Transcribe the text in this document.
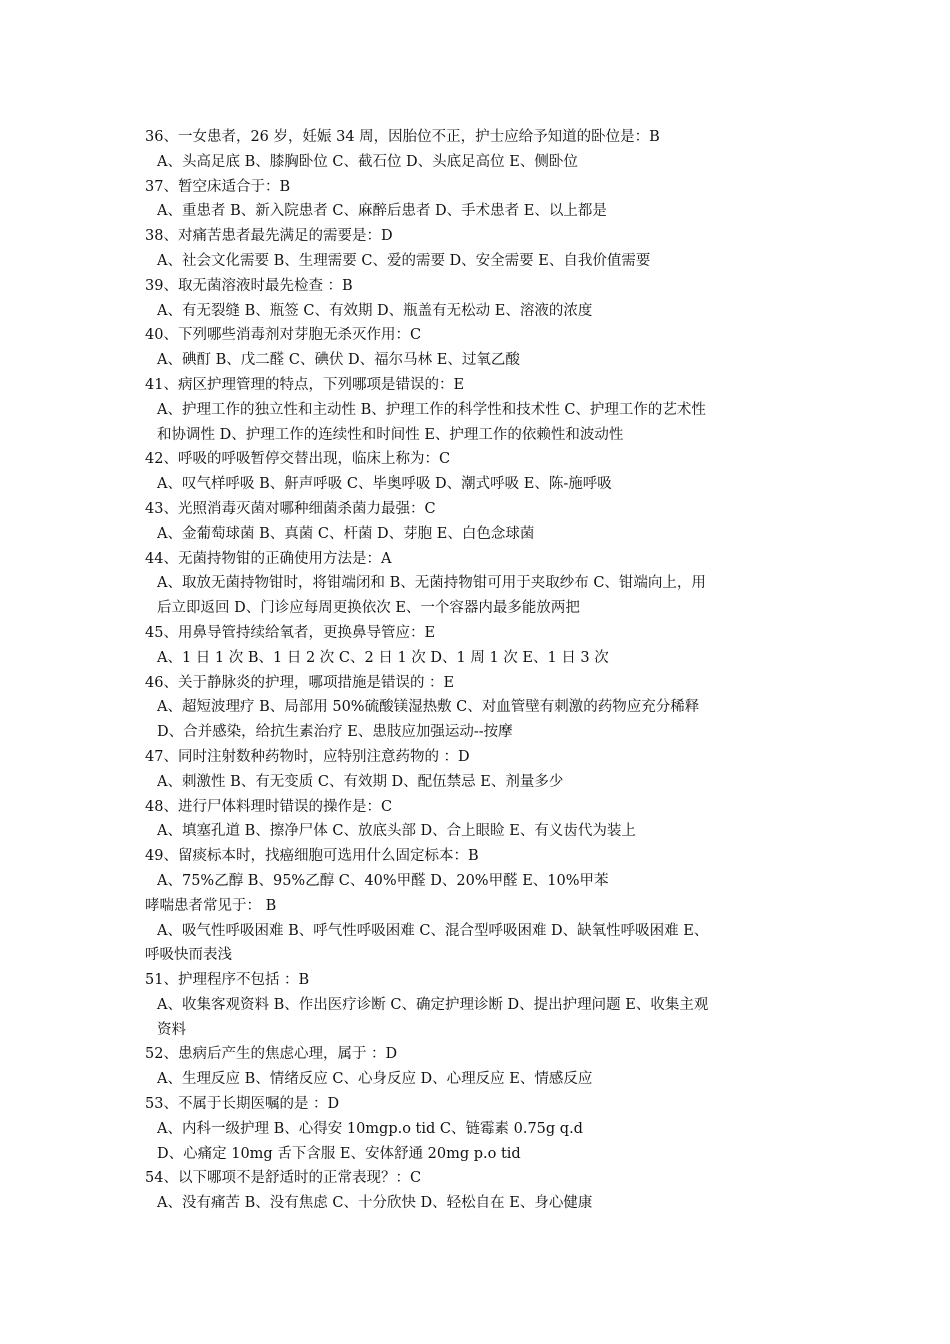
36、一女患者，26 岁，妊娠 34 周，因胎位不正，护士应给予知道的卧位是：B
A、头高足底 B、膝胸卧位 C、截石位 D、头底足高位 E、侧卧位
37、暂空床适合于：B
A、重患者 B、新入院患者 C、麻醉后患者 D、手术患者 E、以上都是
38、对痛苦患者最先满足的需要是：D
A、社会文化需要 B、生理需要 C、爱的需要 D、安全需要 E、自我价值需要
39、取无菌溶液时最先检查 ：B
A、有无裂缝 B、瓶签 C、有效期 D、瓶盖有无松动 E、溶液的浓度
40、下列哪些消毒剂对芽胞无杀灭作用：C
A、碘酊 B、戊二醛 C、碘伏 D、福尔马林 E、过氧乙酸
41、病区护理管理的特点，下列哪项是错误的：E
A、护理工作的独立性和主动性 B、护理工作的科学性和技术性 C、护理工作的艺术性
和协调性 D、护理工作的连续性和时间性 E、护理工作的依赖性和波动性
42、呼吸的呼吸暂停交替出现，临床上称为：C
A、叹气样呼吸 B、鼾声呼吸 C、毕奥呼吸 D、潮式呼吸 E、陈-施呼吸
43、光照消毒灭菌对哪种细菌杀菌力最强：C
A、金葡萄球菌 B、真菌 C、杆菌 D、芽胞 E、白色念球菌
44、无菌持物钳的正确使用方法是：A
A、取放无菌持物钳时，将钳端闭和 B、无菌持物钳可用于夹取纱布 C、钳端向上，用
后立即返回 D、门诊应每周更换依次 E、一个容器内最多能放两把
45、用鼻导管持续给氧者，更换鼻导管应：E
A、1 日 1 次 B、1 日 2 次 C、2 日 1 次 D、1 周 1 次 E、1 日 3 次
46、关于静脉炎的护理，哪项措施是错误的 ：E
A、超短波理疗 B、局部用 50%硫酸镁湿热敷 C、对血管壁有刺激的药物应充分稀释
D、合并感染，给抗生素治疗 E、患肢应加强运动--按摩
47、同时注射数种药物时，应特别注意药物的 ：D
A、刺激性 B、有无变质 C、有效期 D、配伍禁忌 E、剂量多少
48、进行尸体料理时错误的操作是：C
A、填塞孔道 B、擦净尸体 C、放底头部 D、合上眼睑 E、有义齿代为装上
49、留痰标本时，找癌细胞可选用什么固定标本：B
A、75%乙醇 B、95%乙醇 C、40%甲醛 D、20%甲醛 E、10%甲苯
哮喘患者常见于： B
A、吸气性呼吸困难 B、呼气性呼吸困难 C、混合型呼吸困难 D、缺氧性呼吸困难 E、
呼吸快而表浅
51、护理程序不包括 ：B
A、收集客观资料 B、作出医疗诊断 C、确定护理诊断 D、提出护理问题 E、收集主观
资料
52、患病后产生的焦虑心理，属于 ：D
A、生理反应 B、情绪反应 C、心身反应 D、心理反应 E、情感反应
53、不属于长期医嘱的是 ：D
A、内科一级护理 B、心得安 10mgp.o tid C、链霉素 0.75g q.d
D、心痛定 10mg 舌下含服 E、安体舒通 20mg p.o tid
54、以下哪项不是舒适时的正常表现？：C
A、没有痛苦 B、没有焦虑 C、十分欣快 D、轻松自在 E、身心健康
